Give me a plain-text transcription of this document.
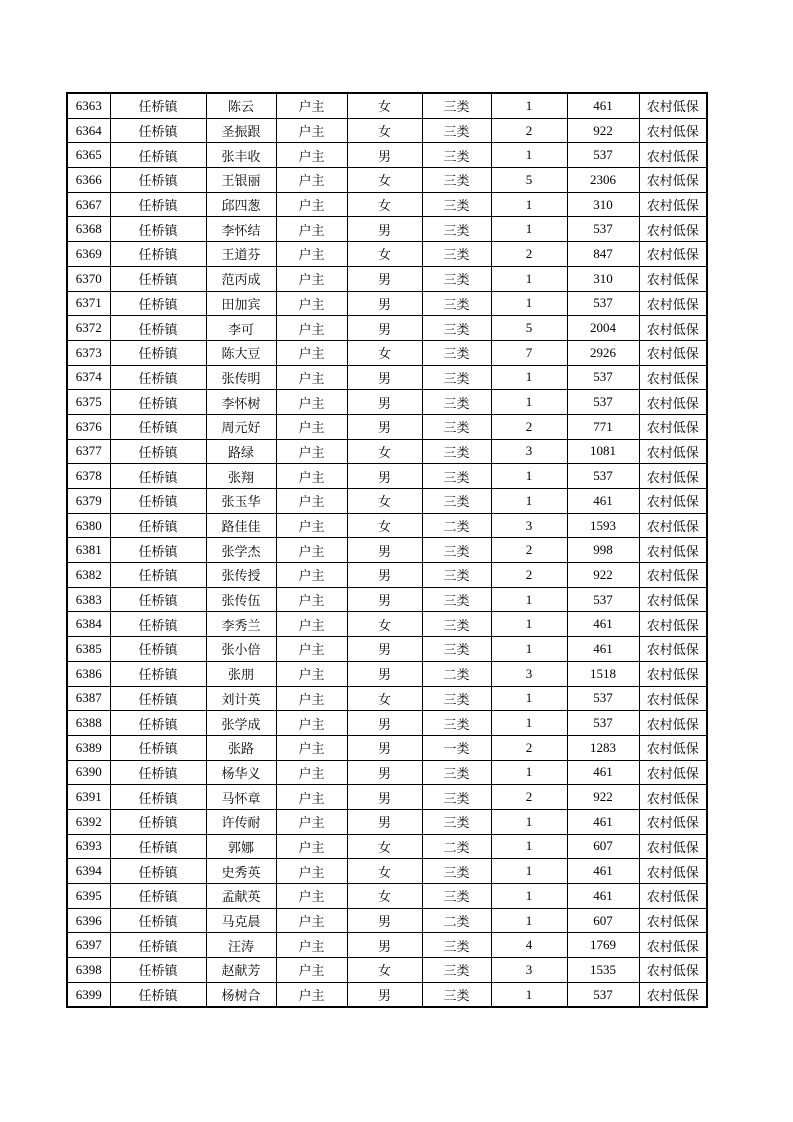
6363	任桥镇	陈云	户主	女	三类	1	461	农村低保
6364	任桥镇	圣振跟	户主	女	三类	2	922	农村低保
6365	任桥镇	张丰收	户主	男	三类	1	537	农村低保
6366	任桥镇	王银丽	户主	女	三类	5	2306	农村低保
6367	任桥镇	邱四葱	户主	女	三类	1	310	农村低保
6368	任桥镇	李怀结	户主	男	三类	1	537	农村低保
6369	任桥镇	王道芬	户主	女	三类	2	847	农村低保
6370	任桥镇	范丙成	户主	男	三类	1	310	农村低保
6371	任桥镇	田加宾	户主	男	三类	1	537	农村低保
6372	任桥镇	李可	户主	男	三类	5	2004	农村低保
6373	任桥镇	陈大豆	户主	女	三类	7	2926	农村低保
6374	任桥镇	张传明	户主	男	三类	1	537	农村低保
6375	任桥镇	李怀树	户主	男	三类	1	537	农村低保
6376	任桥镇	周元好	户主	男	三类	2	771	农村低保
6377	任桥镇	路绿	户主	女	三类	3	1081	农村低保
6378	任桥镇	张翔	户主	男	三类	1	537	农村低保
6379	任桥镇	张玉华	户主	女	三类	1	461	农村低保
6380	任桥镇	路佳佳	户主	女	二类	3	1593	农村低保
6381	任桥镇	张学杰	户主	男	三类	2	998	农村低保
6382	任桥镇	张传授	户主	男	三类	2	922	农村低保
6383	任桥镇	张传伍	户主	男	三类	1	537	农村低保
6384	任桥镇	李秀兰	户主	女	三类	1	461	农村低保
6385	任桥镇	张小倍	户主	男	三类	1	461	农村低保
6386	任桥镇	张朋	户主	男	二类	3	1518	农村低保
6387	任桥镇	刘计英	户主	女	三类	1	537	农村低保
6388	任桥镇	张学成	户主	男	三类	1	537	农村低保
6389	任桥镇	张路	户主	男	一类	2	1283	农村低保
6390	任桥镇	杨华义	户主	男	三类	1	461	农村低保
6391	任桥镇	马怀章	户主	男	三类	2	922	农村低保
6392	任桥镇	许传耐	户主	男	三类	1	461	农村低保
6393	任桥镇	郭娜	户主	女	二类	1	607	农村低保
6394	任桥镇	史秀英	户主	女	三类	1	461	农村低保
6395	任桥镇	孟献英	户主	女	三类	1	461	农村低保
6396	任桥镇	马克晨	户主	男	二类	1	607	农村低保
6397	任桥镇	汪涛	户主	男	三类	4	1769	农村低保
6398	任桥镇	赵献芳	户主	女	三类	3	1535	农村低保
6399	任桥镇	杨树合	户主	男	三类	1	537	农村低保
